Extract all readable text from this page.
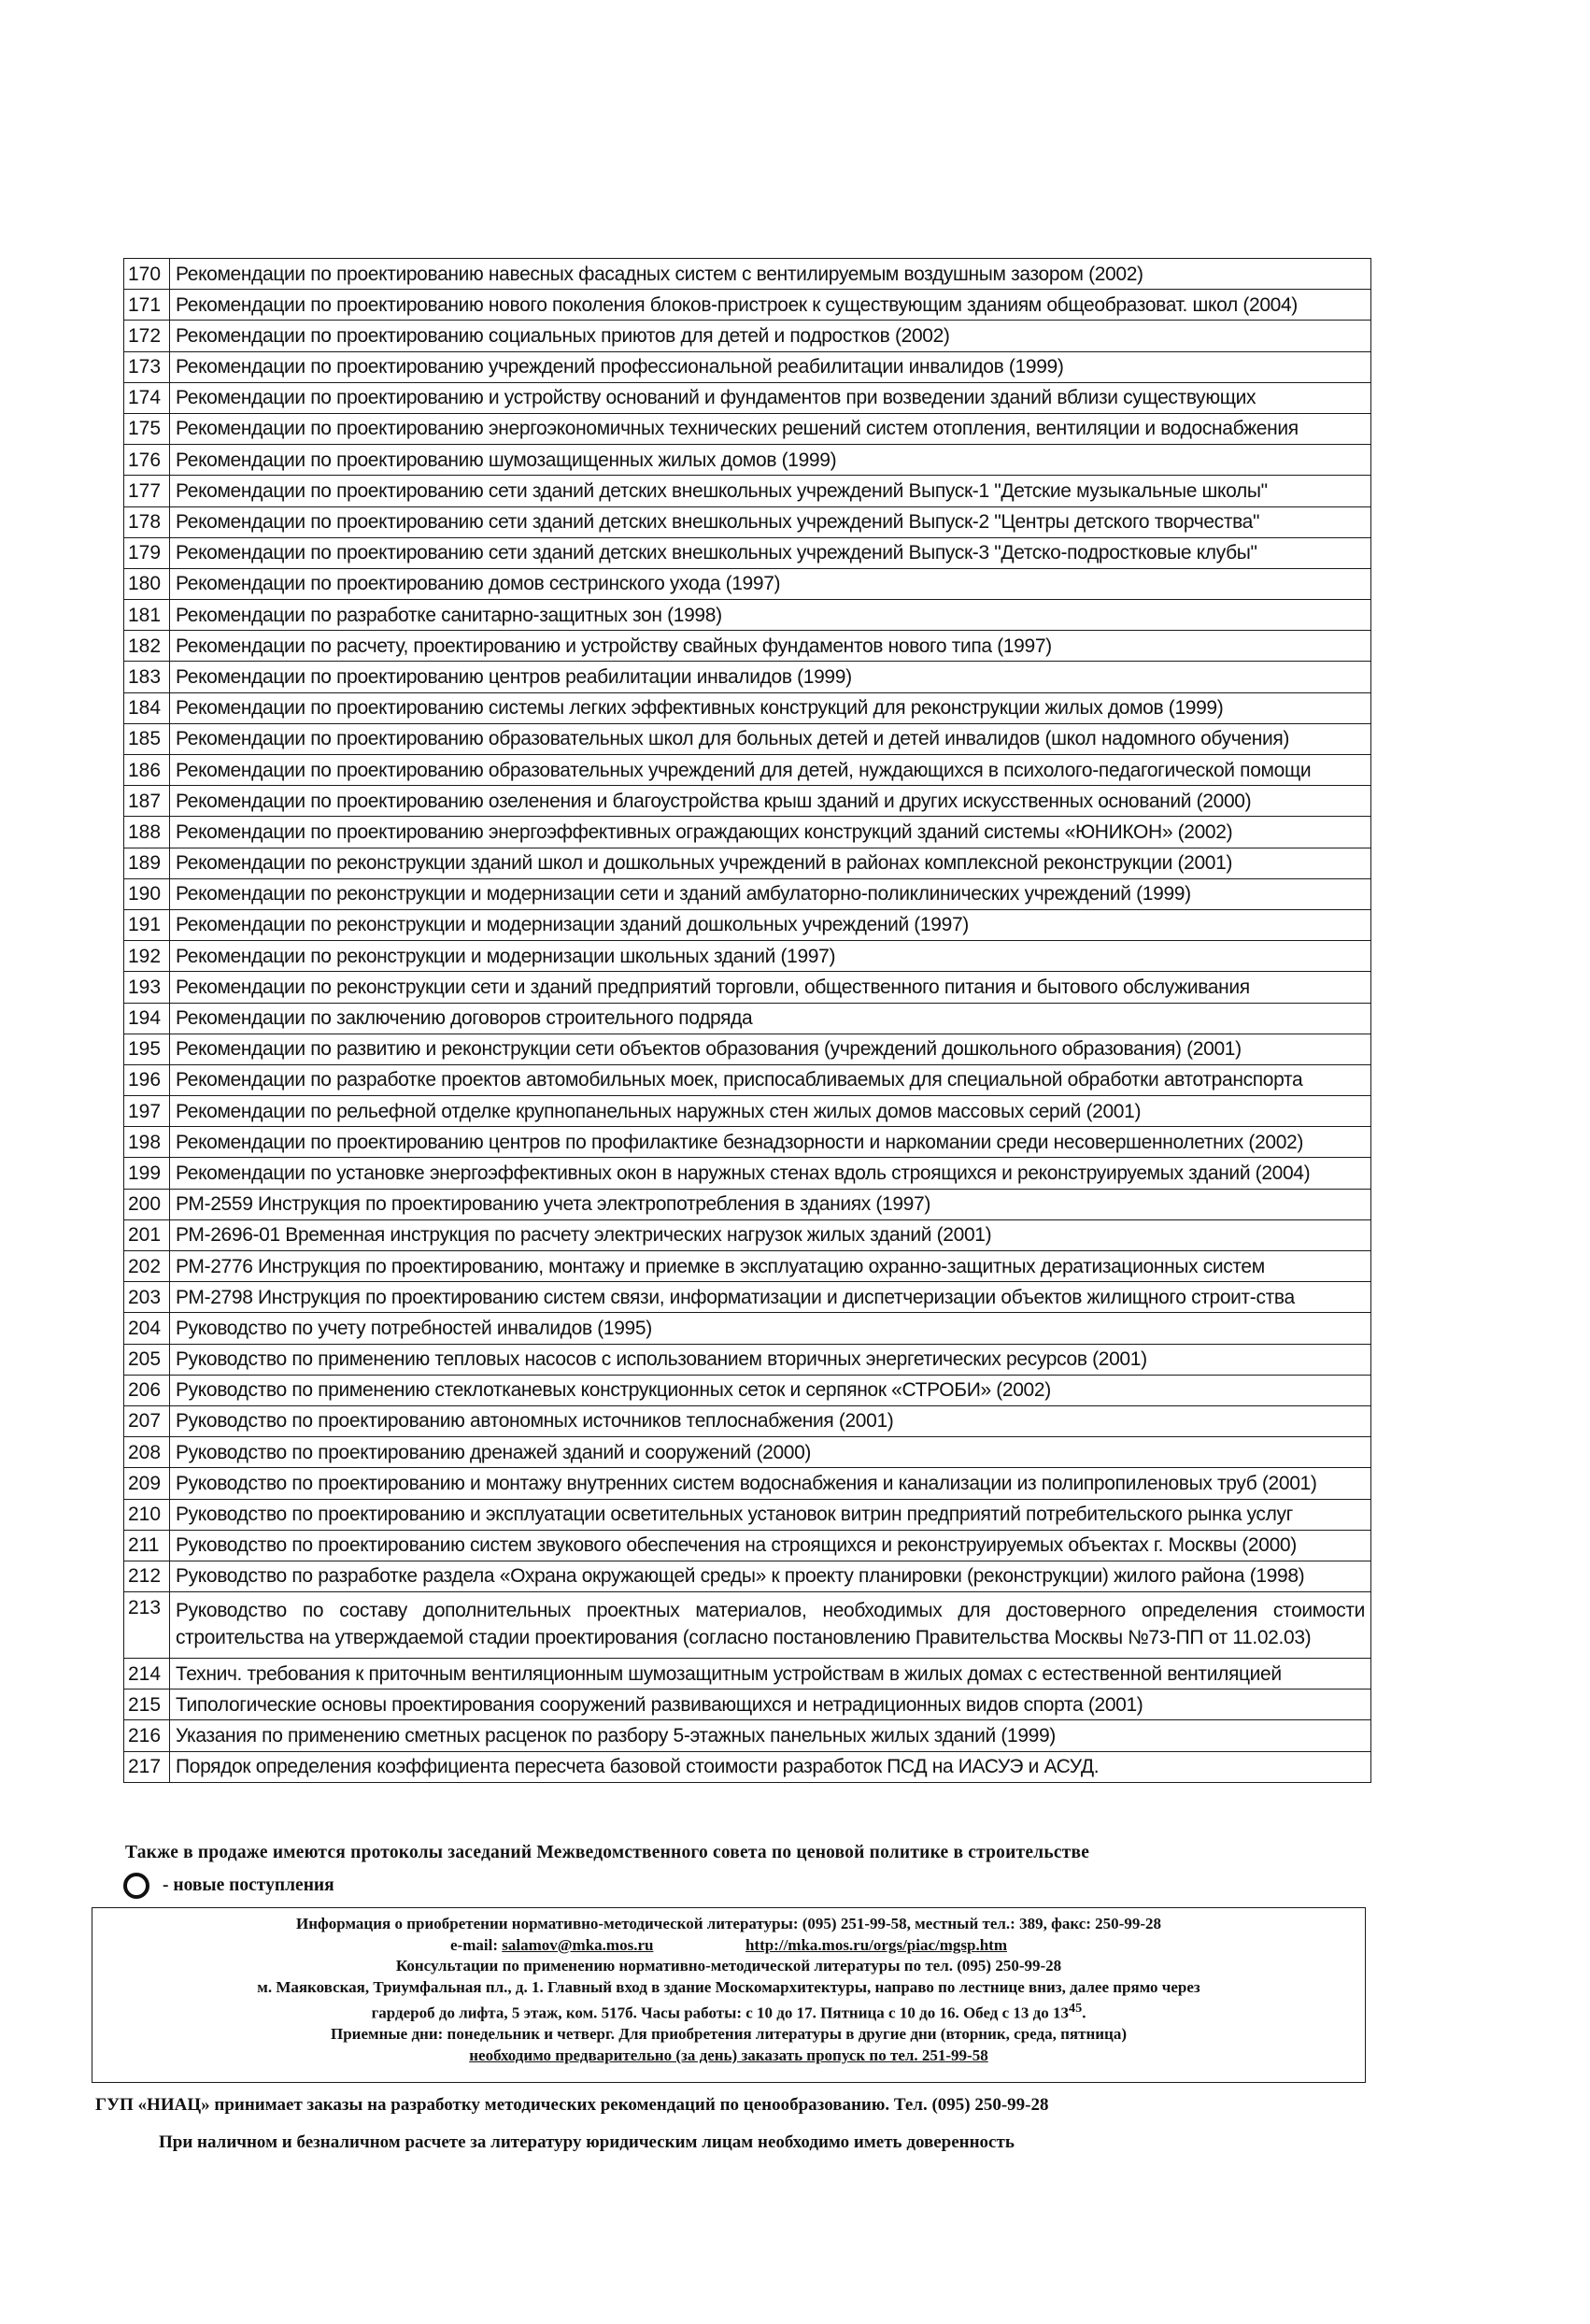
170	Рекомендации по проектированию навесных фасадных систем с вентилируемым воздушным зазором (2002)
171	Рекомендации по проектированию нового поколения блоков-пристроек к существующим зданиям общеобразоват. школ (2004)
172	Рекомендации по проектированию социальных приютов для детей и подростков (2002)
173	Рекомендации по проектированию учреждений профессиональной реабилитации инвалидов (1999)
174	Рекомендации по проектированию и устройству оснований и фундаментов при возведении зданий вблизи существующих
175	Рекомендации по проектированию энергоэкономичных технических решений систем отопления, вентиляции и водоснабжения
176	Рекомендации по проектированию шумозащищенных жилых домов (1999)
177	Рекомендации по проектированию сети зданий детских внешкольных учреждений Выпуск-1 "Детские музыкальные школы"
178	Рекомендации по проектированию сети зданий детских внешкольных учреждений Выпуск-2 "Центры детского творчества"
179	Рекомендации по проектированию сети зданий детских внешкольных учреждений Выпуск-3 "Детско-подростковые клубы"
180	Рекомендации по проектированию домов сестринского ухода (1997)
181	Рекомендации по разработке санитарно-защитных зон (1998)
182	Рекомендации по расчету, проектированию и устройству свайных фундаментов нового типа (1997)
183	Рекомендации по проектированию центров реабилитации инвалидов (1999)
184	Рекомендации по проектированию системы легких эффективных конструкций для реконструкции жилых домов (1999)
185	Рекомендации по проектированию образовательных школ для больных детей и детей инвалидов (школ надомного обучения)
186	Рекомендации по проектированию образовательных учреждений для детей, нуждающихся в психолого-педагогической помощи
187	Рекомендации по проектированию озеленения и благоустройства крыш зданий и других искусственных оснований (2000)
188	Рекомендации по проектированию энергоэффективных ограждающих конструкций зданий системы «ЮНИКОН» (2002)
189	Рекомендации по реконструкции зданий школ и дошкольных учреждений в районах комплексной реконструкции (2001)
190	Рекомендации по реконструкции и модернизации сети и зданий амбулаторно-поликлинических учреждений (1999)
191	Рекомендации по реконструкции и модернизации зданий дошкольных учреждений (1997)
192	Рекомендации по реконструкции и модернизации школьных зданий (1997)
193	Рекомендации по реконструкции сети и зданий предприятий торговли, общественного питания и бытового обслуживания
194	Рекомендации по заключению договоров строительного подряда
195	Рекомендации по развитию и реконструкции сети объектов образования (учреждений дошкольного образования) (2001)
196	Рекомендации по разработке проектов автомобильных моек, приспосабливаемых для специальной обработки автотранспорта
197	Рекомендации по рельефной отделке крупнопанельных наружных стен жилых домов массовых серий (2001)
198	Рекомендации по проектированию центров по профилактике безнадзорности и наркомании среди несовершеннолетних (2002)
199	Рекомендации по установке энергоэффективных окон в наружных стенах вдоль строящихся и реконструируемых зданий (2004)
200	РМ-2559 Инструкция по проектированию учета электропотребления в зданиях (1997)
201	РМ-2696-01 Временная инструкция по расчету электрических нагрузок жилых зданий (2001)
202	РМ-2776 Инструкция по проектированию, монтажу и приемке в эксплуатацию охранно-защитных дератизационных систем
203	РМ-2798 Инструкция по проектированию систем связи, информатизации и диспетчеризации объектов жилищного строит-ства
204	Руководство по учету потребностей инвалидов (1995)
205	Руководство по применению тепловых насосов с использованием вторичных энергетических ресурсов (2001)
206	Руководство по применению стеклотканевых конструкционных сеток и серпянок «СТРОБИ» (2002)
207	Руководство по проектированию автономных источников теплоснабжения (2001)
208	Руководство по проектированию дренажей зданий и сооружений (2000)
209	Руководство по проектированию и монтажу внутренних систем водоснабжения и канализации из полипропиленовых труб (2001)
210	Руководство по проектированию и эксплуатации осветительных установок витрин предприятий потребительского рынка услуг
211	Руководство по проектированию систем звукового обеспечения на строящихся и реконструируемых объектах г. Москвы (2000)
212	Руководство по разработке раздела «Охрана окружающей среды» к проекту планировки (реконструкции) жилого района (1998)
213	Руководство по составу дополнительных проектных материалов, необходимых для достоверного определения стоимости строительства на утверждаемой стадии проектирования (согласно постановлению Правительства Москвы №73-ПП от 11.02.03)
214	Технич. требования к приточным вентиляционным шумозащитным устройствам в жилых домах с естественной вентиляцией
215	Типологические основы проектирования сооружений развивающихся и нетрадиционных видов спорта (2001)
216	Указания по применению сметных расценок по разбору 5-этажных панельных жилых зданий (1999)
217	Порядок определения коэффициента пересчета базовой стоимости разработок ПСД на ИАСУЭ и АСУД.
Также в продаже имеются протоколы заседаний Межведомственного совета по ценовой политике в строительстве
- новые поступления
Информация о приобретении нормативно-методической литературы: (095) 251-99-58, местный тел.: 389, факс: 250-99-28
e-mail: salamov@mka.mos.ru	http://mka.mos.ru/orgs/piac/mgsp.htm
Консультации по применению нормативно-методической литературы по тел. (095) 250-99-28
м. Маяковская, Триумфальная пл., д. 1. Главный вход в здание Москомархитектуры, направо по лестнице вниз, далее прямо через
гардероб до лифта, 5 этаж, ком. 517б. Часы работы: с 10 до 17. Пятница с 10 до 16. Обед с 13 до $13^{45}$.
Приемные дни: понедельник и четверг. Для приобретения литературы в другие дни (вторник, среда, пятница)
необходимо предварительно (за день) заказать пропуск по тел. 251-99-58
ГУП «НИАЦ» принимает заказы на разработку методических рекомендаций по ценообразованию. Тел. (095) 250-99-28
При наличном и безналичном расчете за литературу юридическим лицам необходимо иметь доверенность
